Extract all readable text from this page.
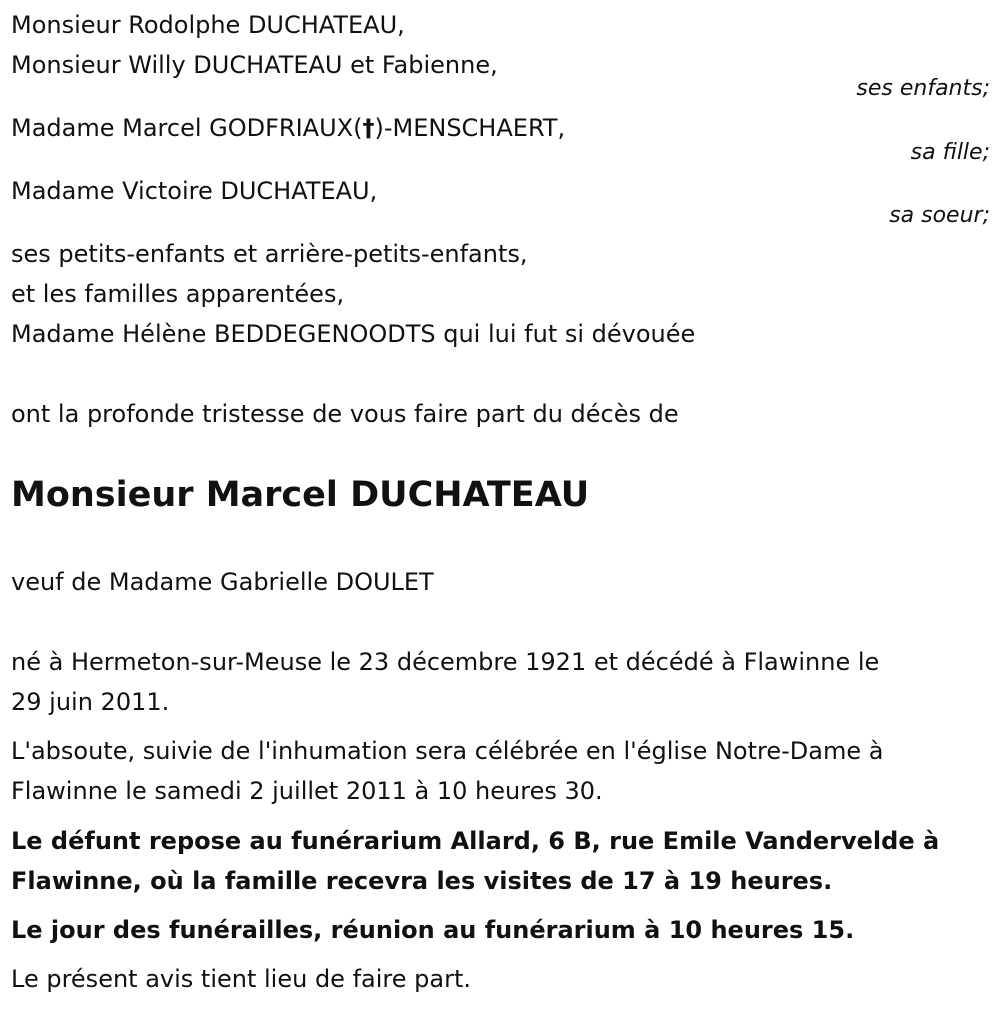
Monsieur Rodolphe DUCHATEAU,
Monsieur Willy DUCHATEAU et Fabienne,
ses enfants;
Madame Marcel GODFRIAUX(†)-MENSCHAERT,
sa fille;
Madame Victoire DUCHATEAU,
sa soeur;
ses petits-enfants et arrière-petits-enfants,
et les familles apparentées,
Madame Hélène BEDDEGENOODTS qui lui fut si dévouée
ont la profonde tristesse de vous faire part du décès de
Monsieur Marcel DUCHATEAU
veuf de Madame Gabrielle DOULET
né à Hermeton-sur-Meuse le 23 décembre 1921 et décédé à Flawinne le
29 juin 2011.
L'absoute, suivie de l'inhumation sera célébrée en l'église Notre-Dame à
Flawinne le samedi 2 juillet 2011 à 10 heures 30.
Le défunt repose au funérarium Allard, 6 B, rue Emile Vandervelde à
Flawinne, où la famille recevra les visites de 17 à 19 heures.
Le jour des funérailles, réunion au funérarium à 10 heures 15.
Le présent avis tient lieu de faire part.
